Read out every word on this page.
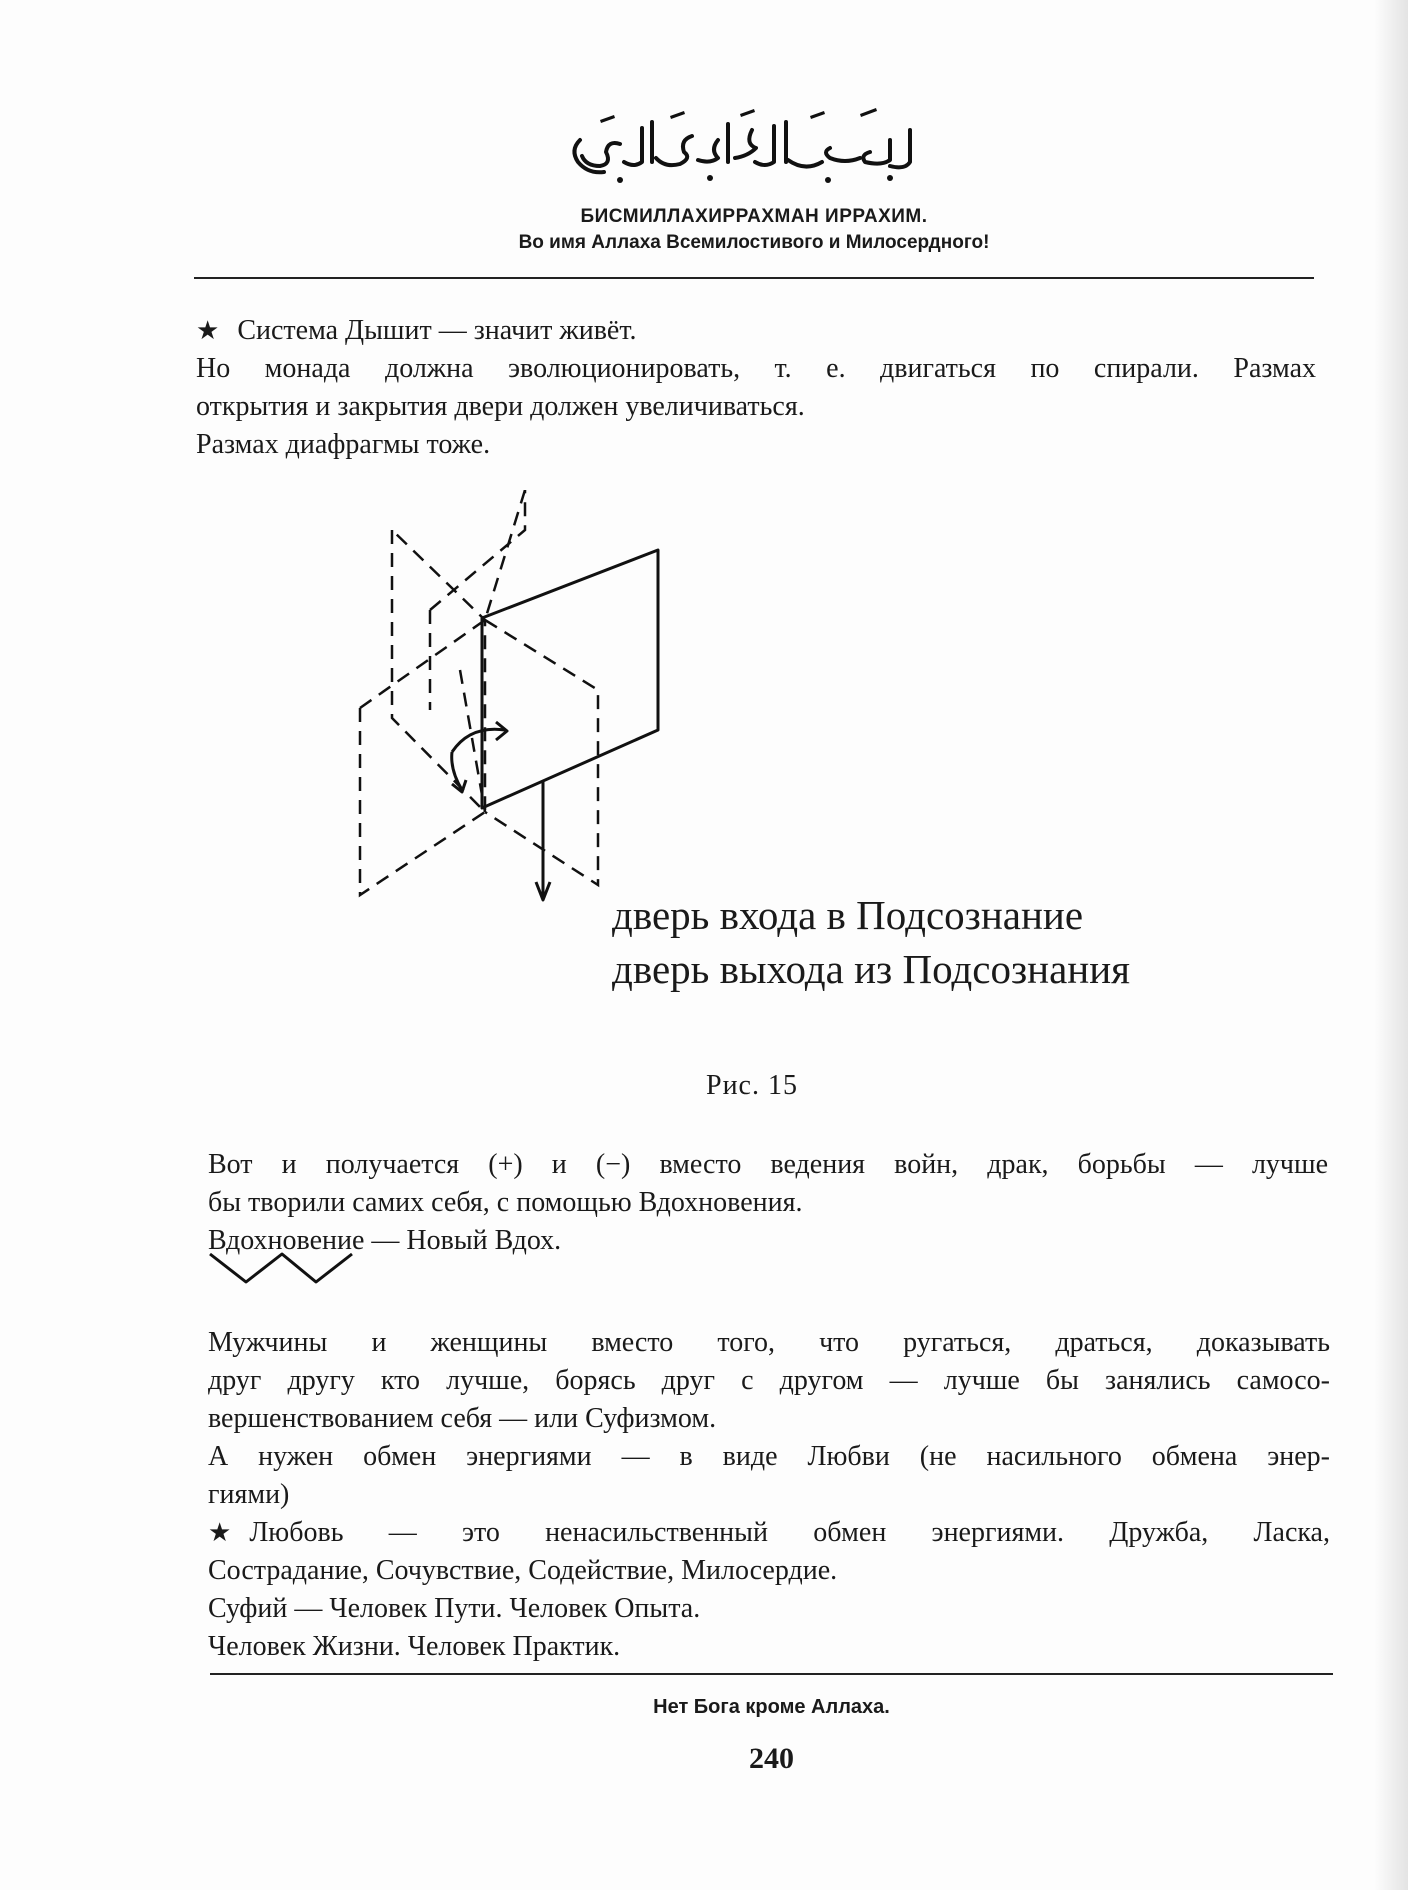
БИСМИЛЛАХИРРАХМАН ИРРАХИМ.
Во имя Аллаха Всемилостивого и Милосердного!
★ Система Дышит — значит живёт.
Но монада должна эволюционировать, т. е. двигаться по спирали. Размах
открытия и закрытия двери должен увеличиваться.
Размах диафрагмы тоже.
дверь входа в Подсознание
дверь выхода из Подсознания
Рис. 15
Вот и получается (+) и (−) вместо ведения войн, драк, борьбы — лучше
бы творили самих себя, с помощью Вдохновения.
Вдохновение — Новый Вдох.
Мужчины и женщины вместо того, что ругаться, драться, доказывать
друг другу кто лучше, борясь друг с другом — лучше бы занялись самосо-
вершенствованием себя — или Суфизмом.
А нужен обмен энергиями — в виде Любви (не насильного обмена энер-
гиями)
★ Любовь — это ненасильственный обмен энергиями. Дружба, Ласка,
Сострадание, Сочувствие, Содействие, Милосердие.
Суфий — Человек Пути. Человек Опыта.
Человек Жизни. Человек Практик.
Нет Бога кроме Аллаха.
240
